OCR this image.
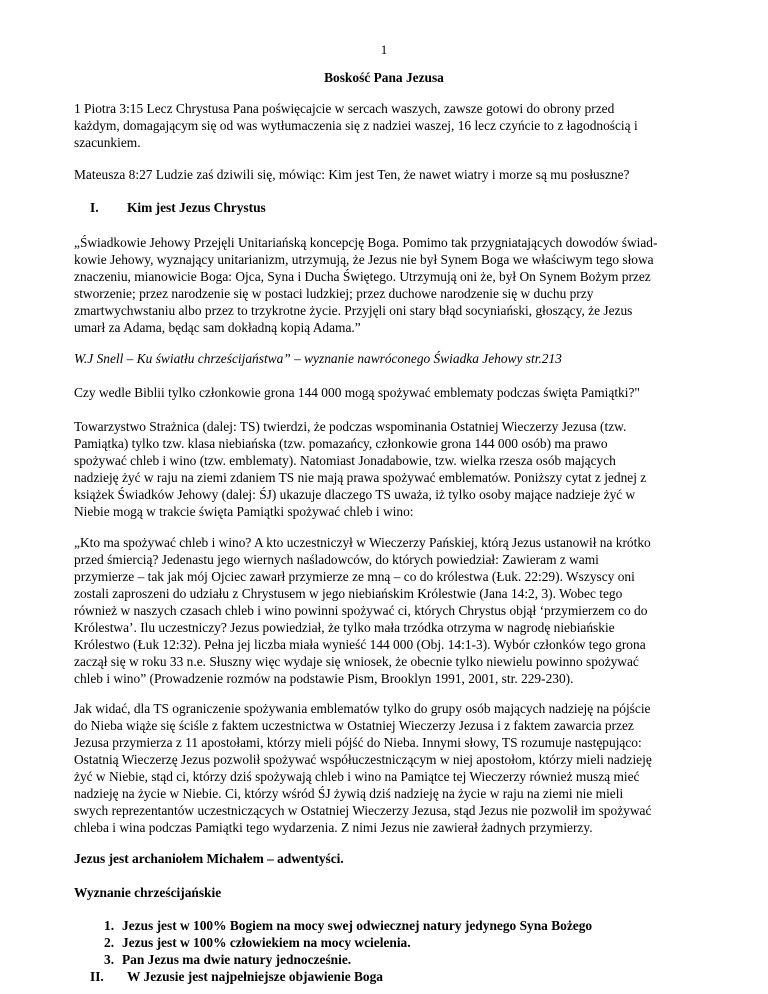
1
Boskość Pana Jezusa
1 Piotra 3:15 Lecz Chrystusa Pana poświęcajcie w sercach waszych, zawsze gotowi do obrony przed
każdym, domagającym się od was wytłumaczenia się z nadziei waszej, 16 lecz czyńcie to z łagodnością i
szacunkiem.
Mateusza 8:27 Ludzie zaś dziwili się, mówiąc: Kim jest Ten, że nawet wiatry i morze są mu posłuszne?
I. Kim jest Jezus Chrystus
„Świadkowie Jehowy Przejęli Unitariańską koncepcję Boga. Pomimo tak przygniatających dowodów świad-
kowie Jehowy, wyznający unitarianizm, utrzymują, że Jezus nie był Synem Boga we właściwym tego słowa
znaczeniu, mianowicie Boga: Ojca, Syna i Ducha Świętego. Utrzymują oni że, był On Synem Bożym przez
stworzenie; przez narodzenie się w postaci ludzkiej; przez duchowe narodzenie się w duchu przy
zmartwychwstaniu albo przez to trzykrotne życie. Przyjęli oni stary błąd socyniański, głoszący, że Jezus
umarł za Adama, będąc sam dokładną kopią Adama.”
W.J Snell – Ku światłu chrześcijaństwa” – wyznanie nawróconego Świadka Jehowy str.213
Czy wedle Biblii tylko członkowie grona 144 000 mogą spożywać emblematy podczas święta Pamiątki?"
Towarzystwo Strażnica (dalej: TS) twierdzi, że podczas wspominania Ostatniej Wieczerzy Jezusa (tzw.
Pamiątka) tylko tzw. klasa niebiańska (tzw. pomazańcy, członkowie grona 144 000 osób) ma prawo
spożywać chleb i wino (tzw. emblematy). Natomiast Jonadabowie, tzw. wielka rzesza osób mających
nadzieję żyć w raju na ziemi zdaniem TS nie mają prawa spożywać emblematów. Poniższy cytat z jednej z
książek Świadków Jehowy (dalej: ŚJ) ukazuje dlaczego TS uważa, iż tylko osoby mające nadzieje żyć w
Niebie mogą w trakcie święta Pamiątki spożywać chleb i wino:
„Kto ma spożywać chleb i wino? A kto uczestniczył w Wieczerzy Pańskiej, którą Jezus ustanowił na krótko
przed śmiercią? Jedenastu jego wiernych naśladowców, do których powiedział: Zawieram z wami
przymierze – tak jak mój Ojciec zawarł przymierze ze mną – co do królestwa (Łuk. 22:29). Wszyscy oni
zostali zaproszeni do udziału z Chrystusem w jego niebiańskim Królestwie (Jana 14:2, 3). Wobec tego
również w naszych czasach chleb i wino powinni spożywać ci, których Chrystus objął ‘przymierzem co do
Królestwa’. Ilu uczestniczy? Jezus powiedział, że tylko mała trzódka otrzyma w nagrodę niebiańskie
Królestwo (Łuk 12:32). Pełna jej liczba miała wynieść 144 000 (Obj. 14:1-3). Wybór członków tego grona
zaczął się w roku 33 n.e. Słuszny więc wydaje się wniosek, że obecnie tylko niewielu powinno spożywać
chleb i wino” (Prowadzenie rozmów na podstawie Pism, Brooklyn 1991, 2001, str. 229-230).
Jak widać, dla TS ograniczenie spożywania emblematów tylko do grupy osób mających nadzieję na pójście
do Nieba wiąże się ściśle z faktem uczestnictwa w Ostatniej Wieczerzy Jezusa i z faktem zawarcia przez
Jezusa przymierza z 11 apostołami, którzy mieli pójść do Nieba. Innymi słowy, TS rozumuje następująco:
Ostatnią Wieczerzę Jezus pozwolił spożywać współuczestniczącym w niej apostołom, którzy mieli nadzieję
żyć w Niebie, stąd ci, którzy dziś spożywają chleb i wino na Pamiątce tej Wieczerzy również muszą mieć
nadzieję na życie w Niebie. Ci, którzy wśród ŚJ żywią dziś nadzieję na życie w raju na ziemi nie mieli
swych reprezentantów uczestniczących w Ostatniej Wieczerzy Jezusa, stąd Jezus nie pozwolił im spożywać
chleba i wina podczas Pamiątki tego wydarzenia. Z nimi Jezus nie zawierał żadnych przymierzy.
Jezus jest archaniołem Michałem – adwentyści.
Wyznanie chrześcijańskie
1. Jezus jest w 100% Bogiem na mocy swej odwiecznej natury jedynego Syna Bożego
2. Jezus jest w 100% człowiekiem na mocy wcielenia.
3. Pan Jezus ma dwie natury jednocześnie.
II. W Jezusie jest najpełniejsze objawienie Boga
